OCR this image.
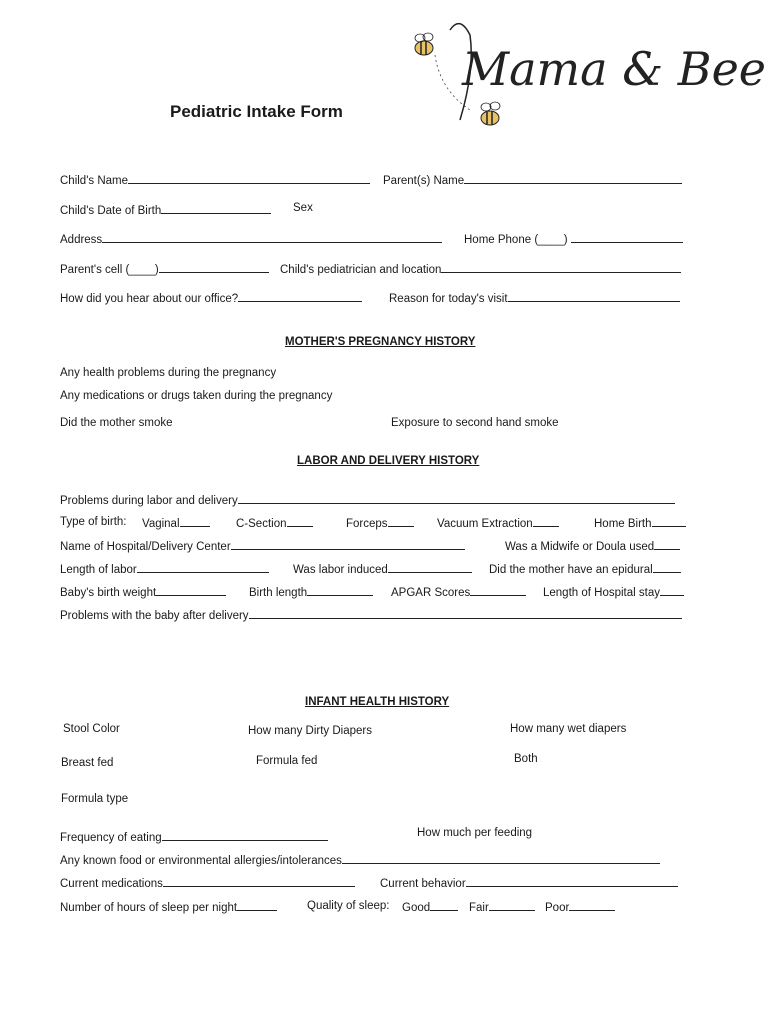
Mama & Bee
Pediatric Intake Form
Child's Name	Parent(s) Name
Child's Date of Birth	Sex
Address	Home Phone (____)
Parent's cell (____)	Child's pediatrician and location
How did you hear about our office?	Reason for today's visit
MOTHER'S PREGNANCY HISTORY
Any health problems during the pregnancy
Any medications or drugs taken during the pregnancy
Did the mother smoke	Exposure to second hand smoke
LABOR AND DELIVERY HISTORY
Problems during labor and delivery
Type of birth: Vaginal	C-Section	Forceps	Vacuum Extraction	Home Birth
Name of Hospital/Delivery Center	Was a Midwife or Doula used
Length of labor	Was labor induced	Did the mother have an epidural
Baby's birth weight	Birth length	APGAR Scores	Length of Hospital stay
Problems with the baby after delivery
INFANT HEALTH HISTORY
Stool Color	How many Dirty Diapers	How many wet diapers
Breast fed	Formula fed	Both
Formula type
Frequency of eating	How much per feeding
Any known food or environmental allergies/intolerances
Current medications	Current behavior
Number of hours of sleep per night	Quality of sleep: Good	Fair	Poor
